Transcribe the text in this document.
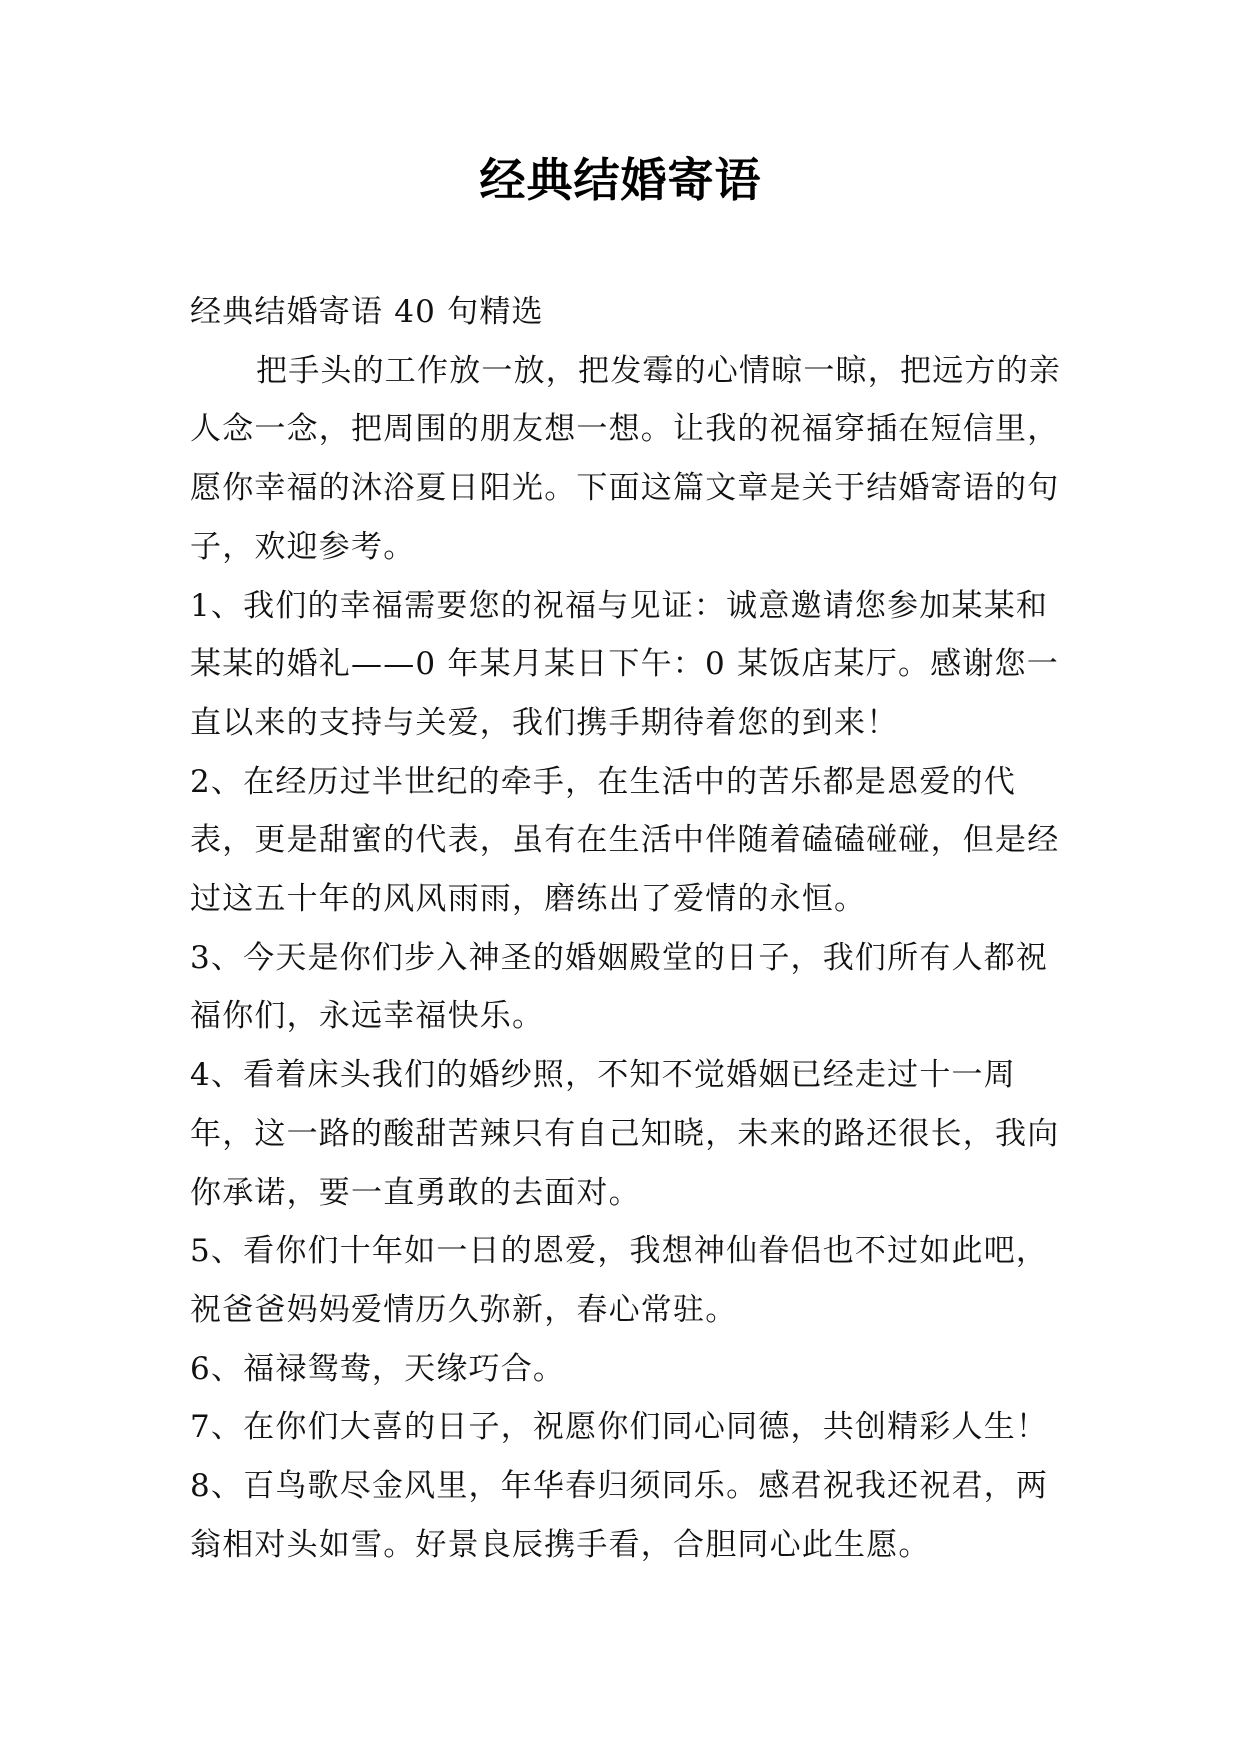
经典结婚寄语

经典结婚寄语 40 句精选

把手头的工作放一放，把发霉的心情晾一晾，把远方的亲人念一念，把周围的朋友想一想。让我的祝福穿插在短信里，愿你幸福的沐浴夏日阳光。下面这篇文章是关于结婚寄语的句子，欢迎参考。

1、我们的幸福需要您的祝福与见证：诚意邀请您参加某某和某某的婚礼——0 年某月某日下午：0 某饭店某厅。感谢您一直以来的支持与关爱，我们携手期待着您的到来！

2、在经历过半世纪的牵手，在生活中的苦乐都是恩爱的代表，更是甜蜜的代表，虽有在生活中伴随着磕磕碰碰，但是经过这五十年的风风雨雨，磨练出了爱情的永恒。

3、今天是你们步入神圣的婚姻殿堂的日子，我们所有人都祝福你们，永远幸福快乐。

4、看着床头我们的婚纱照，不知不觉婚姻已经走过十一周年，这一路的酸甜苦辣只有自己知晓，未来的路还很长，我向你承诺，要一直勇敢的去面对。

5、看你们十年如一日的恩爱，我想神仙眷侣也不过如此吧，祝爸爸妈妈爱情历久弥新，春心常驻。

6、福禄鸳鸯，天缘巧合。

7、在你们大喜的日子，祝愿你们同心同德，共创精彩人生！

8、百鸟歌尽金风里，年华春归须同乐。感君祝我还祝君，两翁相对头如雪。好景良辰携手看，合胆同心此生愿。
